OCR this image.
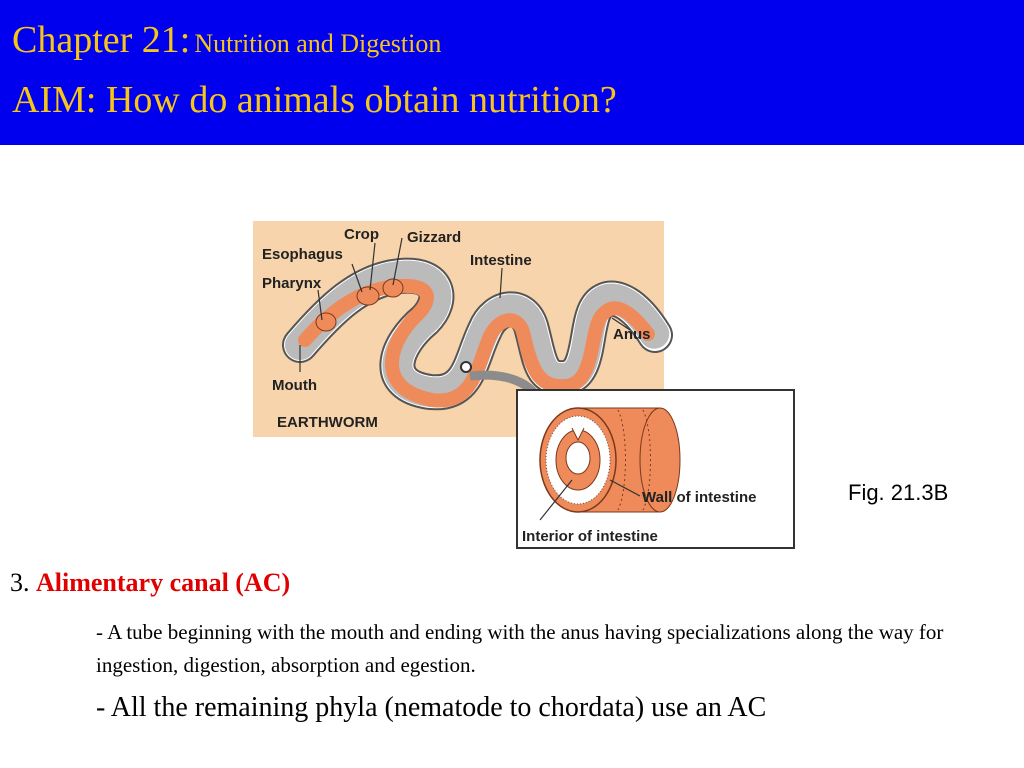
Chapter 21: Nutrition and Digestion
AIM: How do animals obtain nutrition?
Crop Gizzard
Esophagus
Pharynx
Intestine
Anus
Mouth
EARTHWORM
Wall of intestine
Interior of intestine
Fig. 21.3B
3. Alimentary canal (AC)
- A tube beginning with the mouth and ending with the anus having specializations along the way for ingestion, digestion, absorption and egestion.
- All the remaining phyla (nematode to chordata) use an AC
